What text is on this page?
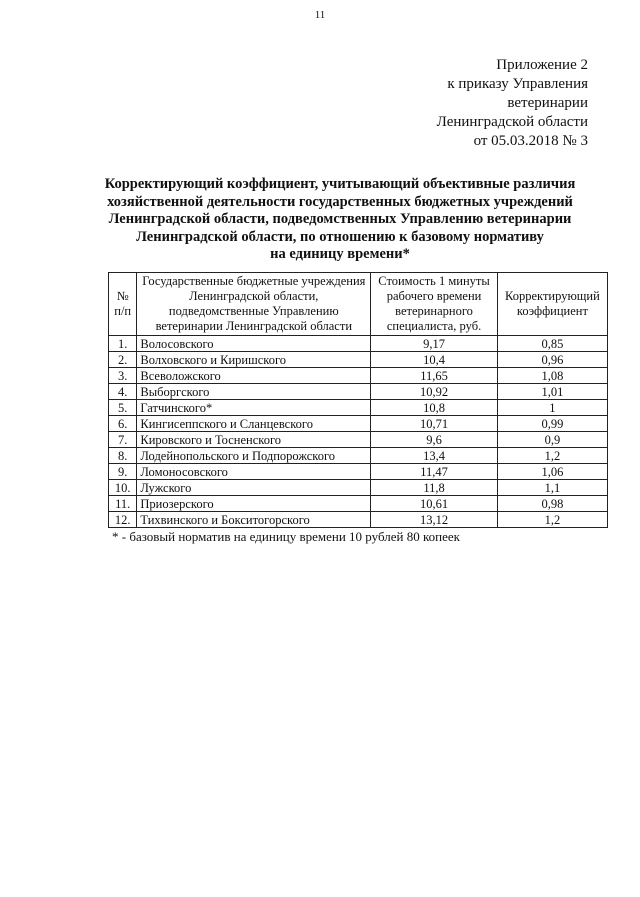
11
Приложение 2
к приказу Управления
ветеринарии
Ленинградской области
от 05.03.2018 № 3
Корректирующий коэффициент, учитывающий объективные различия
хозяйственной деятельности государственных бюджетных учреждений
Ленинградской области, подведомственных Управлению ветеринарии
Ленинградской области, по отношению к базовому нормативу
на единицу времени*
№ п/п	Государственные бюджетные учреждения Ленинградской области, подведомственные Управлению ветеринарии Ленинградской области	Стоимость 1 минуты рабочего времени ветеринарного специалиста, руб.	Корректирующий коэффициент
1.	Волосовского	9,17	0,85
2.	Волховского и Киришского	10,4	0,96
3.	Всеволожского	11,65	1,08
4.	Выборгского	10,92	1,01
5.	Гатчинского*	10,8	1
6.	Кингисеппского и Сланцевского	10,71	0,99
7.	Кировского и Тосненского	9,6	0,9
8.	Лодейнопольского и Подпорожского	13,4	1,2
9.	Ломоносовского	11,47	1,06
10.	Лужского	11,8	1,1
11.	Приозерского	10,61	0,98
12.	Тихвинского и Бокситогорского	13,12	1,2
* - базовый норматив на единицу времени 10 рублей 80 копеек
